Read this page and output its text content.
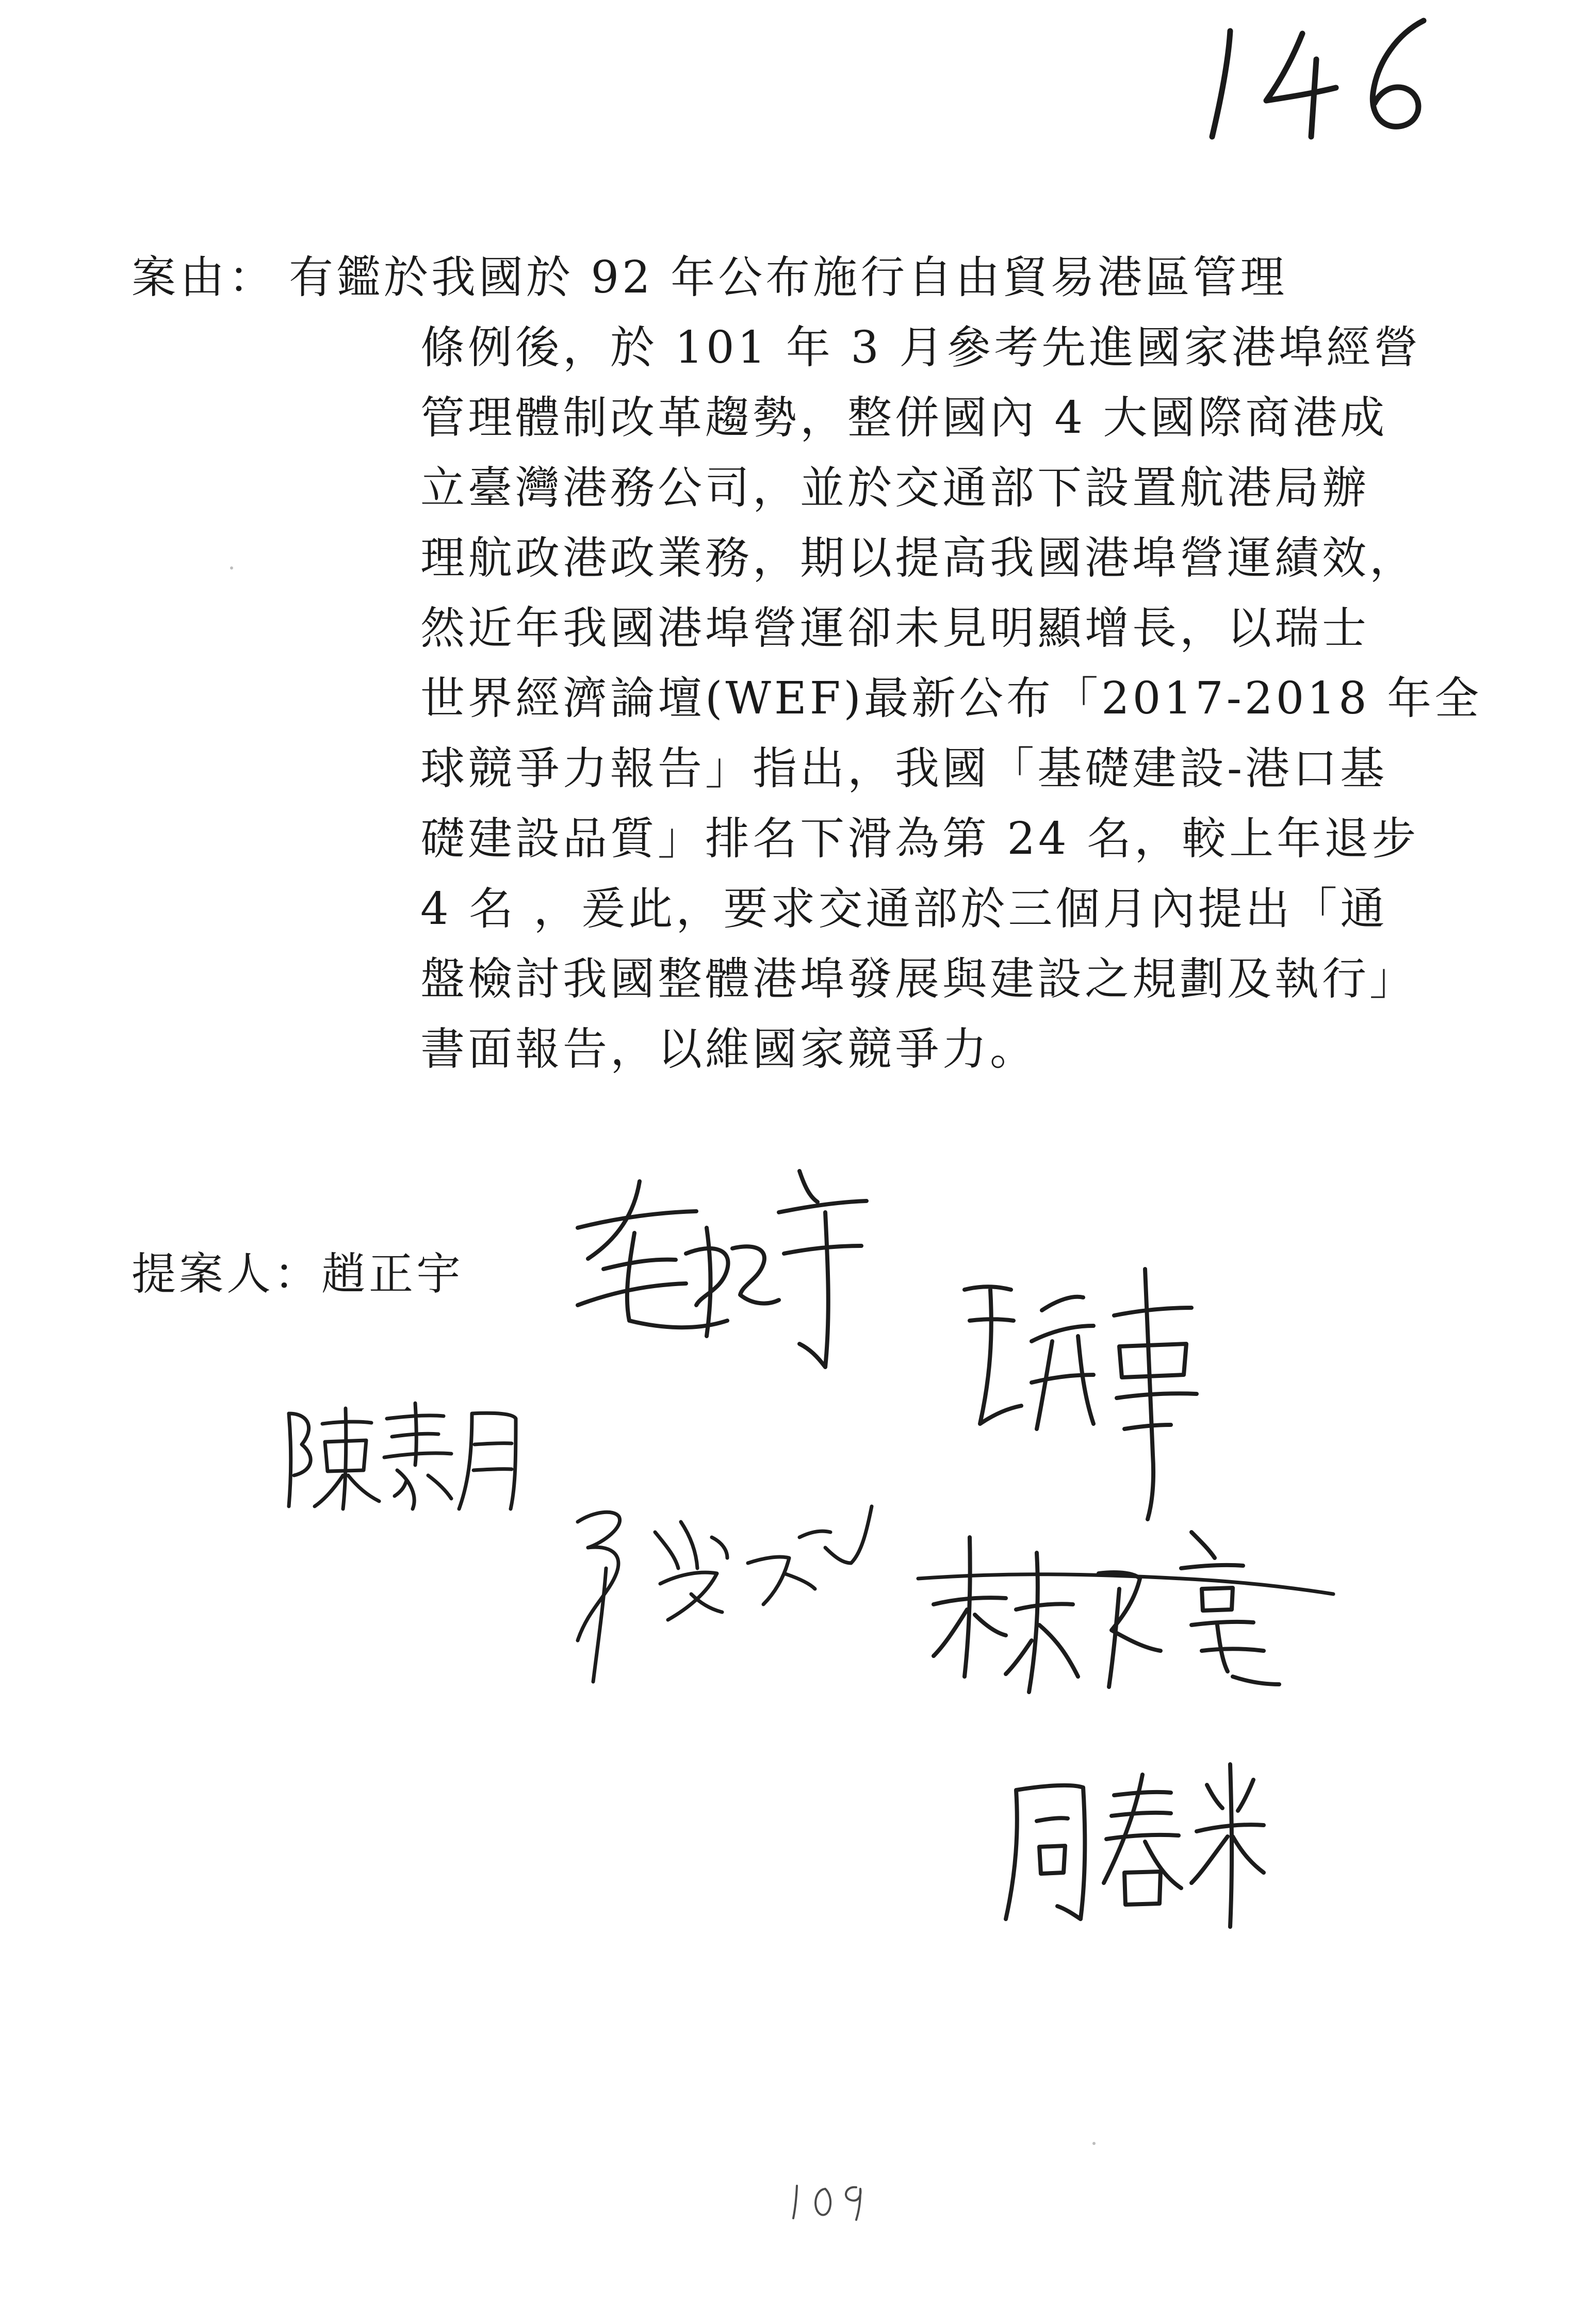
案由： 有鑑於我國於 92 年公布施行自由貿易港區管理
條例後，於 101 年 3 月參考先進國家港埠經營
管理體制改革趨勢，整併國內 4 大國際商港成
立臺灣港務公司，並於交通部下設置航港局辦
理航政港政業務，期以提高我國港埠營運績效，
然近年我國港埠營運卻未見明顯增長，以瑞士
世界經濟論壇(WEF)最新公布「2017-2018 年全
球競爭力報告」指出，我國「基礎建設-港口基
礎建設品質」排名下滑為第 24 名，較上年退步
4 名 ，爰此，要求交通部於三個月內提出「通
盤檢討我國整體港埠發展與建設之規劃及執行」
書面報告，以維國家競爭力。
提案人：趙正宇
